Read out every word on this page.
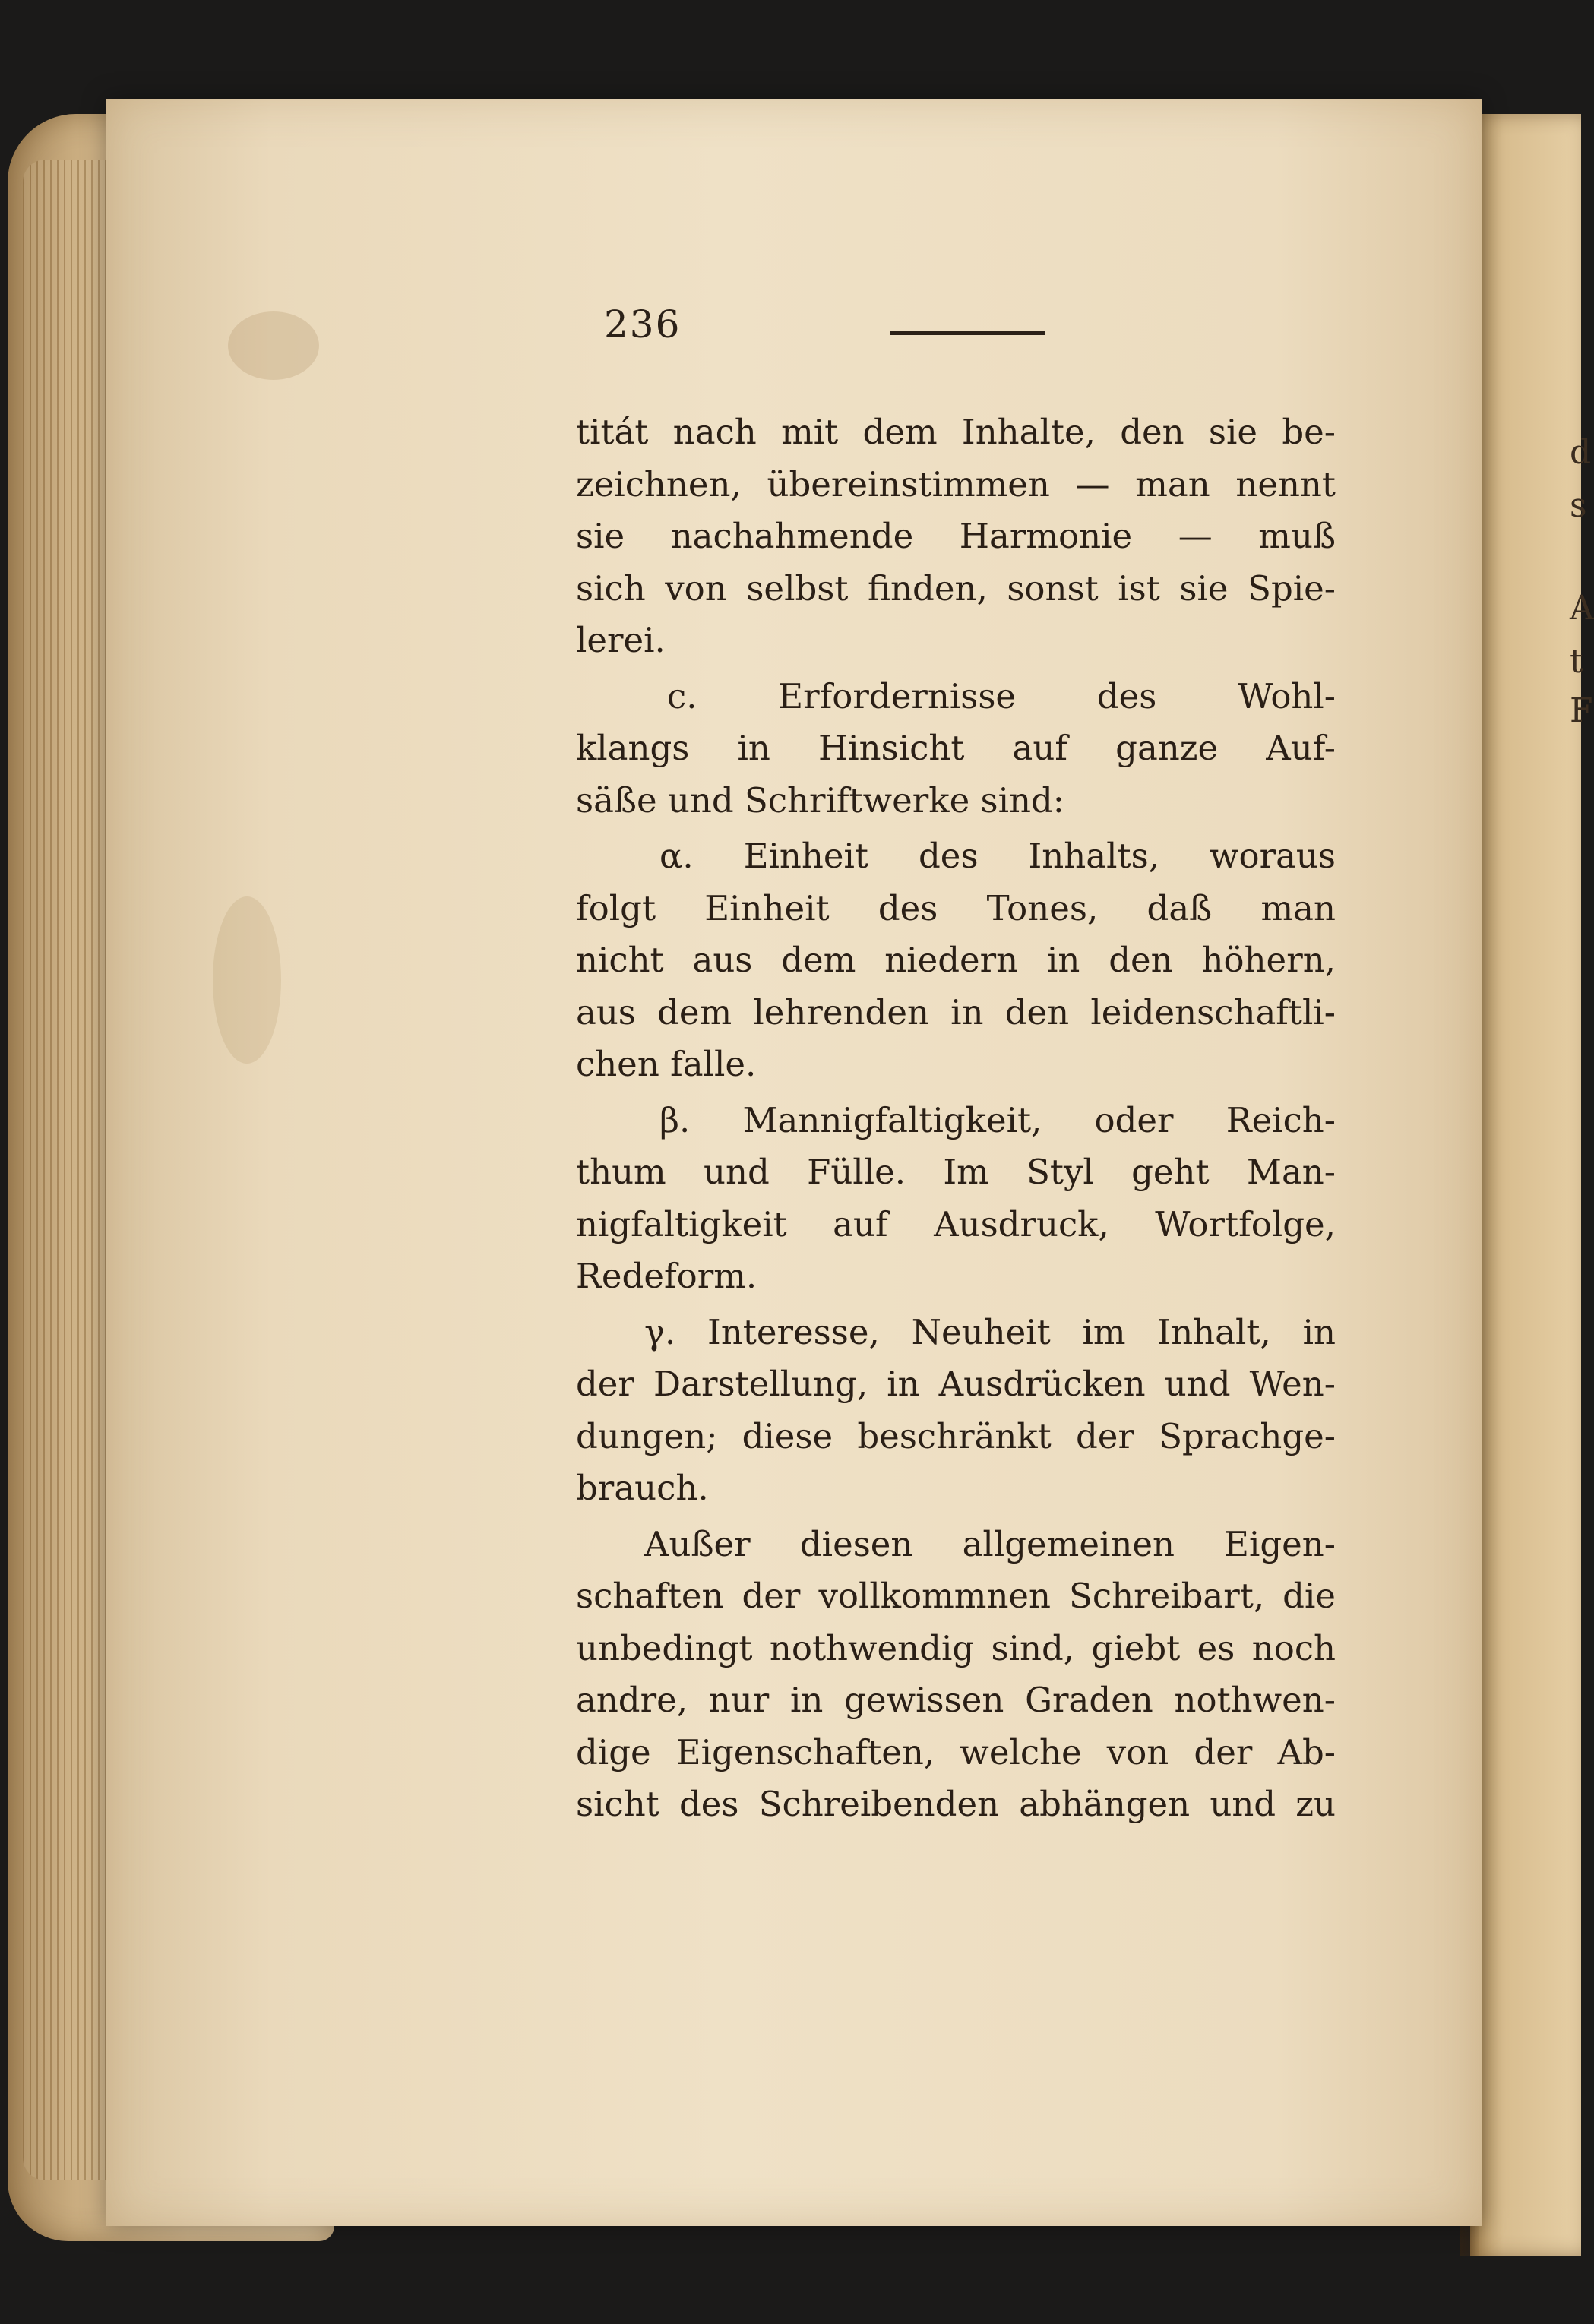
d
s
A
t
F
236
titát nach mit dem Inhalte, den sie be-
zeichnen, übereinstimmen — man nennt
sie nachahmende Harmonie — muß
sich von selbst finden, sonst ist sie Spie-
lerei.
c. Erfordernisse des Wohl-
klangs in Hinsicht auf ganze Auf-
säße und Schriftwerke sind:
α. Einheit des Inhalts, woraus
folgt Einheit des Tones, daß man
nicht aus dem niedern in den höhern,
aus dem lehrenden in den leidenschaftli-
chen falle.
β. Mannigfaltigkeit, oder Reich-
thum und Fülle. Im Styl geht Man-
nigfaltigkeit auf Ausdruck, Wortfolge,
Redeform.
γ. Interesse, Neuheit im Inhalt, in
der Darstellung, in Ausdrücken und Wen-
dungen; diese beschränkt der Sprachge-
brauch.
Außer diesen allgemeinen Eigen-
schaften der vollkommnen Schreibart, die
unbedingt nothwendig sind, giebt es noch
andre, nur in gewissen Graden nothwen-
dige Eigenschaften, welche von der Ab-
sicht des Schreibenden abhängen und zu
